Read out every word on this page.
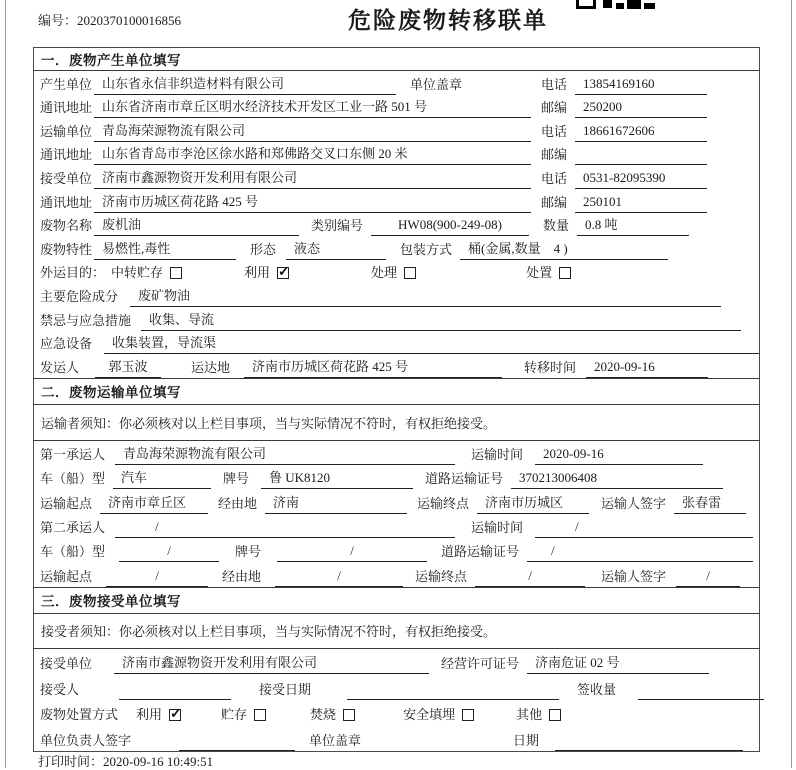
编号：2020370100016856	危险废物转移联单
一．废物产生单位填写
产生单位 山东省永信非织造材料有限公司	单位盖章	电话	13854169160
通讯地址 山东省济南市章丘区明水经济技术开发区工业一路 501 号	邮编	250200
运输单位 青岛海荣源物流有限公司	电话	18661672606
通讯地址 山东省青岛市李沧区徐水路和郑佛路交叉口东侧 20 米	邮编
接受单位 济南市鑫源物资开发利用有限公司	电话	0531-82095390
通讯地址 济南市历城区荷花路 425 号	邮编	250101
废物名称 废机油	类别编号	HW08(900-249-08)	数量	0.8 吨
废物特性 易燃性,毒性	形态	液态	包装方式	桶(金属,数量　4 )
外运目的： 中转贮存	利用 ✓	处理	处置
主要危险成分	废矿物油
禁忌与应急措施	收集、导流
应急设备	收集装置，导流渠
发运人	郭玉波	运达地	济南市历城区荷花路 425 号	转移时间	2020-09-16
二．废物运输单位填写
运输者须知：你必须核对以上栏目事项，当与实际情况不符时，有权拒绝接受。
第一承运人	青岛海荣源物流有限公司	运输时间	2020-09-16
车（船）型	汽车	牌号	鲁 UK8120	道路运输证号	370213006408
运输起点	济南市章丘区	经由地	济南	运输终点	济南市历城区	运输人签字	张春雷
第二承运人	/	运输时间	/
车（船）型	/	牌号	/	道路运输证号	/
运输起点	/	经由地	/	运输终点	/	运输人签字	/
三．废物接受单位填写
接受者须知：你必须核对以上栏目事项，当与实际情况不符时，有权拒绝接受。
接受单位	济南市鑫源物资开发利用有限公司	经营许可证号	济南危证 02 号
接受人	接受日期	签收量
废物处置方式 利用 ✓	贮存	焚烧	安全填埋	其他
单位负责人签字	单位盖章	日期
打印时间：2020-09-16 10:49:51
